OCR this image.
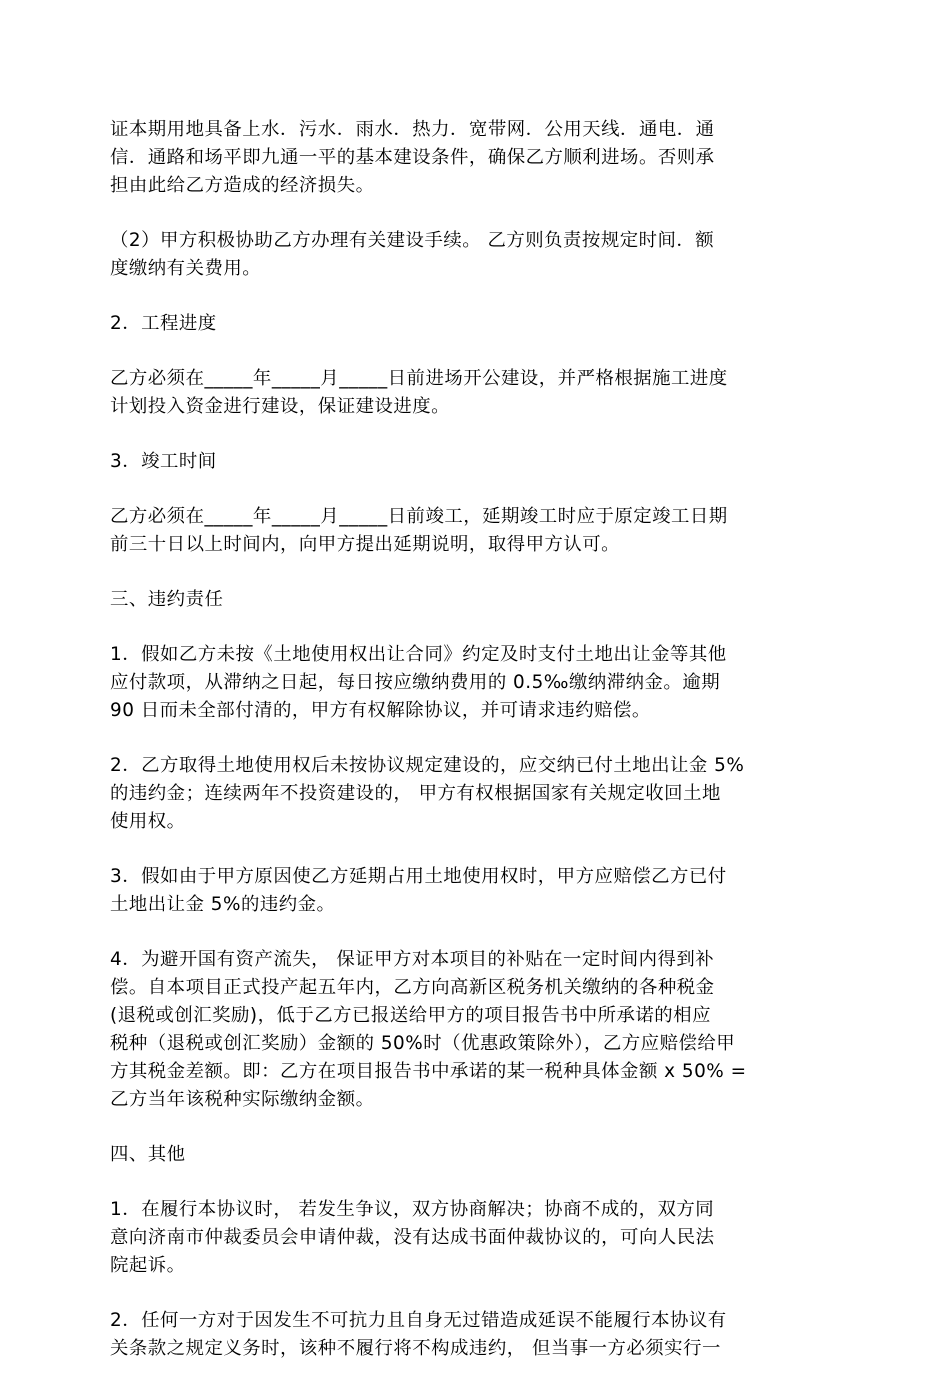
证本期用地具备上水．污水．雨水．热力．宽带网．公用天线．通电．通
信．通路和场平即九通一平的基本建设条件，确保乙方顺利进场。否则承
担由此给乙方造成的经济损失。
（2）甲方积极协助乙方办理有关建设手续。 乙方则负责按规定时间．额
度缴纳有关费用。
2．工程进度
乙方必须在_____年_____月_____日前进场开公建设，并严格根据施工进度
计划投入资金进行建设，保证建设进度。
3．竣工时间
乙方必须在_____年_____月_____日前竣工，延期竣工时应于原定竣工日期
前三十日以上时间内，向甲方提出延期说明，取得甲方认可。
三、违约责任
1．假如乙方未按《土地使用权出让合同》约定及时支付土地出让金等其他
应付款项，从滞纳之日起，每日按应缴纳费用的 0.5‰缴纳滞纳金。逾期
90 日而未全部付清的，甲方有权解除协议，并可请求违约赔偿。
2．乙方取得土地使用权后未按协议规定建设的，应交纳已付土地出让金 5%
的违约金；连续两年不投资建设的， 甲方有权根据国家有关规定收回土地
使用权。
3．假如由于甲方原因使乙方延期占用土地使用权时，甲方应赔偿乙方已付
土地出让金 5%的违约金。
4．为避开国有资产流失， 保证甲方对本项目的补贴在一定时间内得到补
偿。自本项目正式投产起五年内，乙方向高新区税务机关缴纳的各种税金
(退税或创汇奖励)，低于乙方已报送给甲方的项目报告书中所承诺的相应
税种（退税或创汇奖励）金额的 50%时（优惠政策除外），乙方应赔偿给甲
方其税金差额。即：乙方在项目报告书中承诺的某一税种具体金额 x 50% =
乙方当年该税种实际缴纳金额。
四、其他
1．在履行本协议时， 若发生争议，双方协商解决；协商不成的，双方同
意向济南市仲裁委员会申请仲裁，没有达成书面仲裁协议的，可向人民法
院起诉。
2．任何一方对于因发生不可抗力且自身无过错造成延误不能履行本协议有
关条款之规定义务时，该种不履行将不构成违约， 但当事一方必须实行一
